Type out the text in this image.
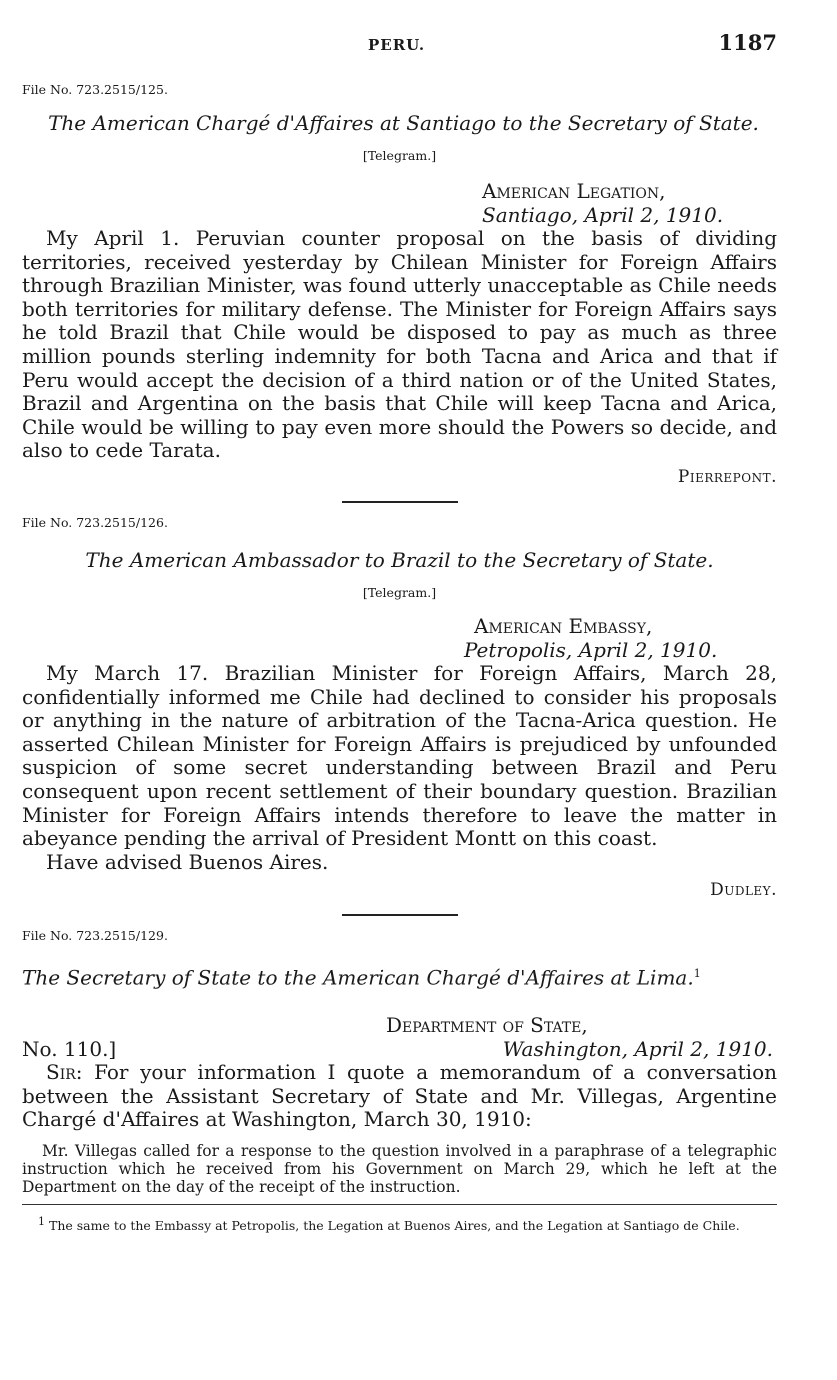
PERU.	1187

File No. 723.2515/125.

The American Chargé d'Affaires at Santiago to the Secretary of State.

[Telegram.]

American Legation,
Santiago, April 2, 1910.

My April 1. Peruvian counter proposal on the basis of dividing territories, received yesterday by Chilean Minister for Foreign Affairs through Brazilian Minister, was found utterly unacceptable as Chile needs both territories for military defense. The Minister for Foreign Affairs says he told Brazil that Chile would be disposed to pay as much as three million pounds sterling indemnity for both Tacna and Arica and that if Peru would accept the decision of a third nation or of the United States, Brazil and Argentina on the basis that Chile will keep Tacna and Arica, Chile would be willing to pay even more should the Powers so decide, and also to cede Tarata.

Pierrepont.

File No. 723.2515/126.

The American Ambassador to Brazil to the Secretary of State.

[Telegram.]

American Embassy,
Petropolis, April 2, 1910.

My March 17. Brazilian Minister for Foreign Affairs, March 28, confidentially informed me Chile had declined to consider his proposals or anything in the nature of arbitration of the Tacna-Arica question. He asserted Chilean Minister for Foreign Affairs is prejudiced by unfounded suspicion of some secret understanding between Brazil and Peru consequent upon recent settlement of their boundary question. Brazilian Minister for Foreign Affairs intends therefore to leave the matter in abeyance pending the arrival of President Montt on this coast.

Have advised Buenos Aires.

Dudley.

File No. 723.2515/129.

The Secretary of State to the American Chargé d'Affaires at Lima.$^1$

Department of State,
No. 110.]	Washington, April 2, 1910.

Sir: For your information I quote a memorandum of a conversation between the Assistant Secretary of State and Mr. Villegas, Argentine Chargé d'Affaires at Washington, March 30, 1910:

Mr. Villegas called for a response to the question involved in a paraphrase of a telegraphic instruction which he received from his Government on March 29, which he left at the Department on the day of the receipt of the instruction.

1 The same to the Embassy at Petropolis, the Legation at Buenos Aires, and the Legation at Santiago de Chile.
